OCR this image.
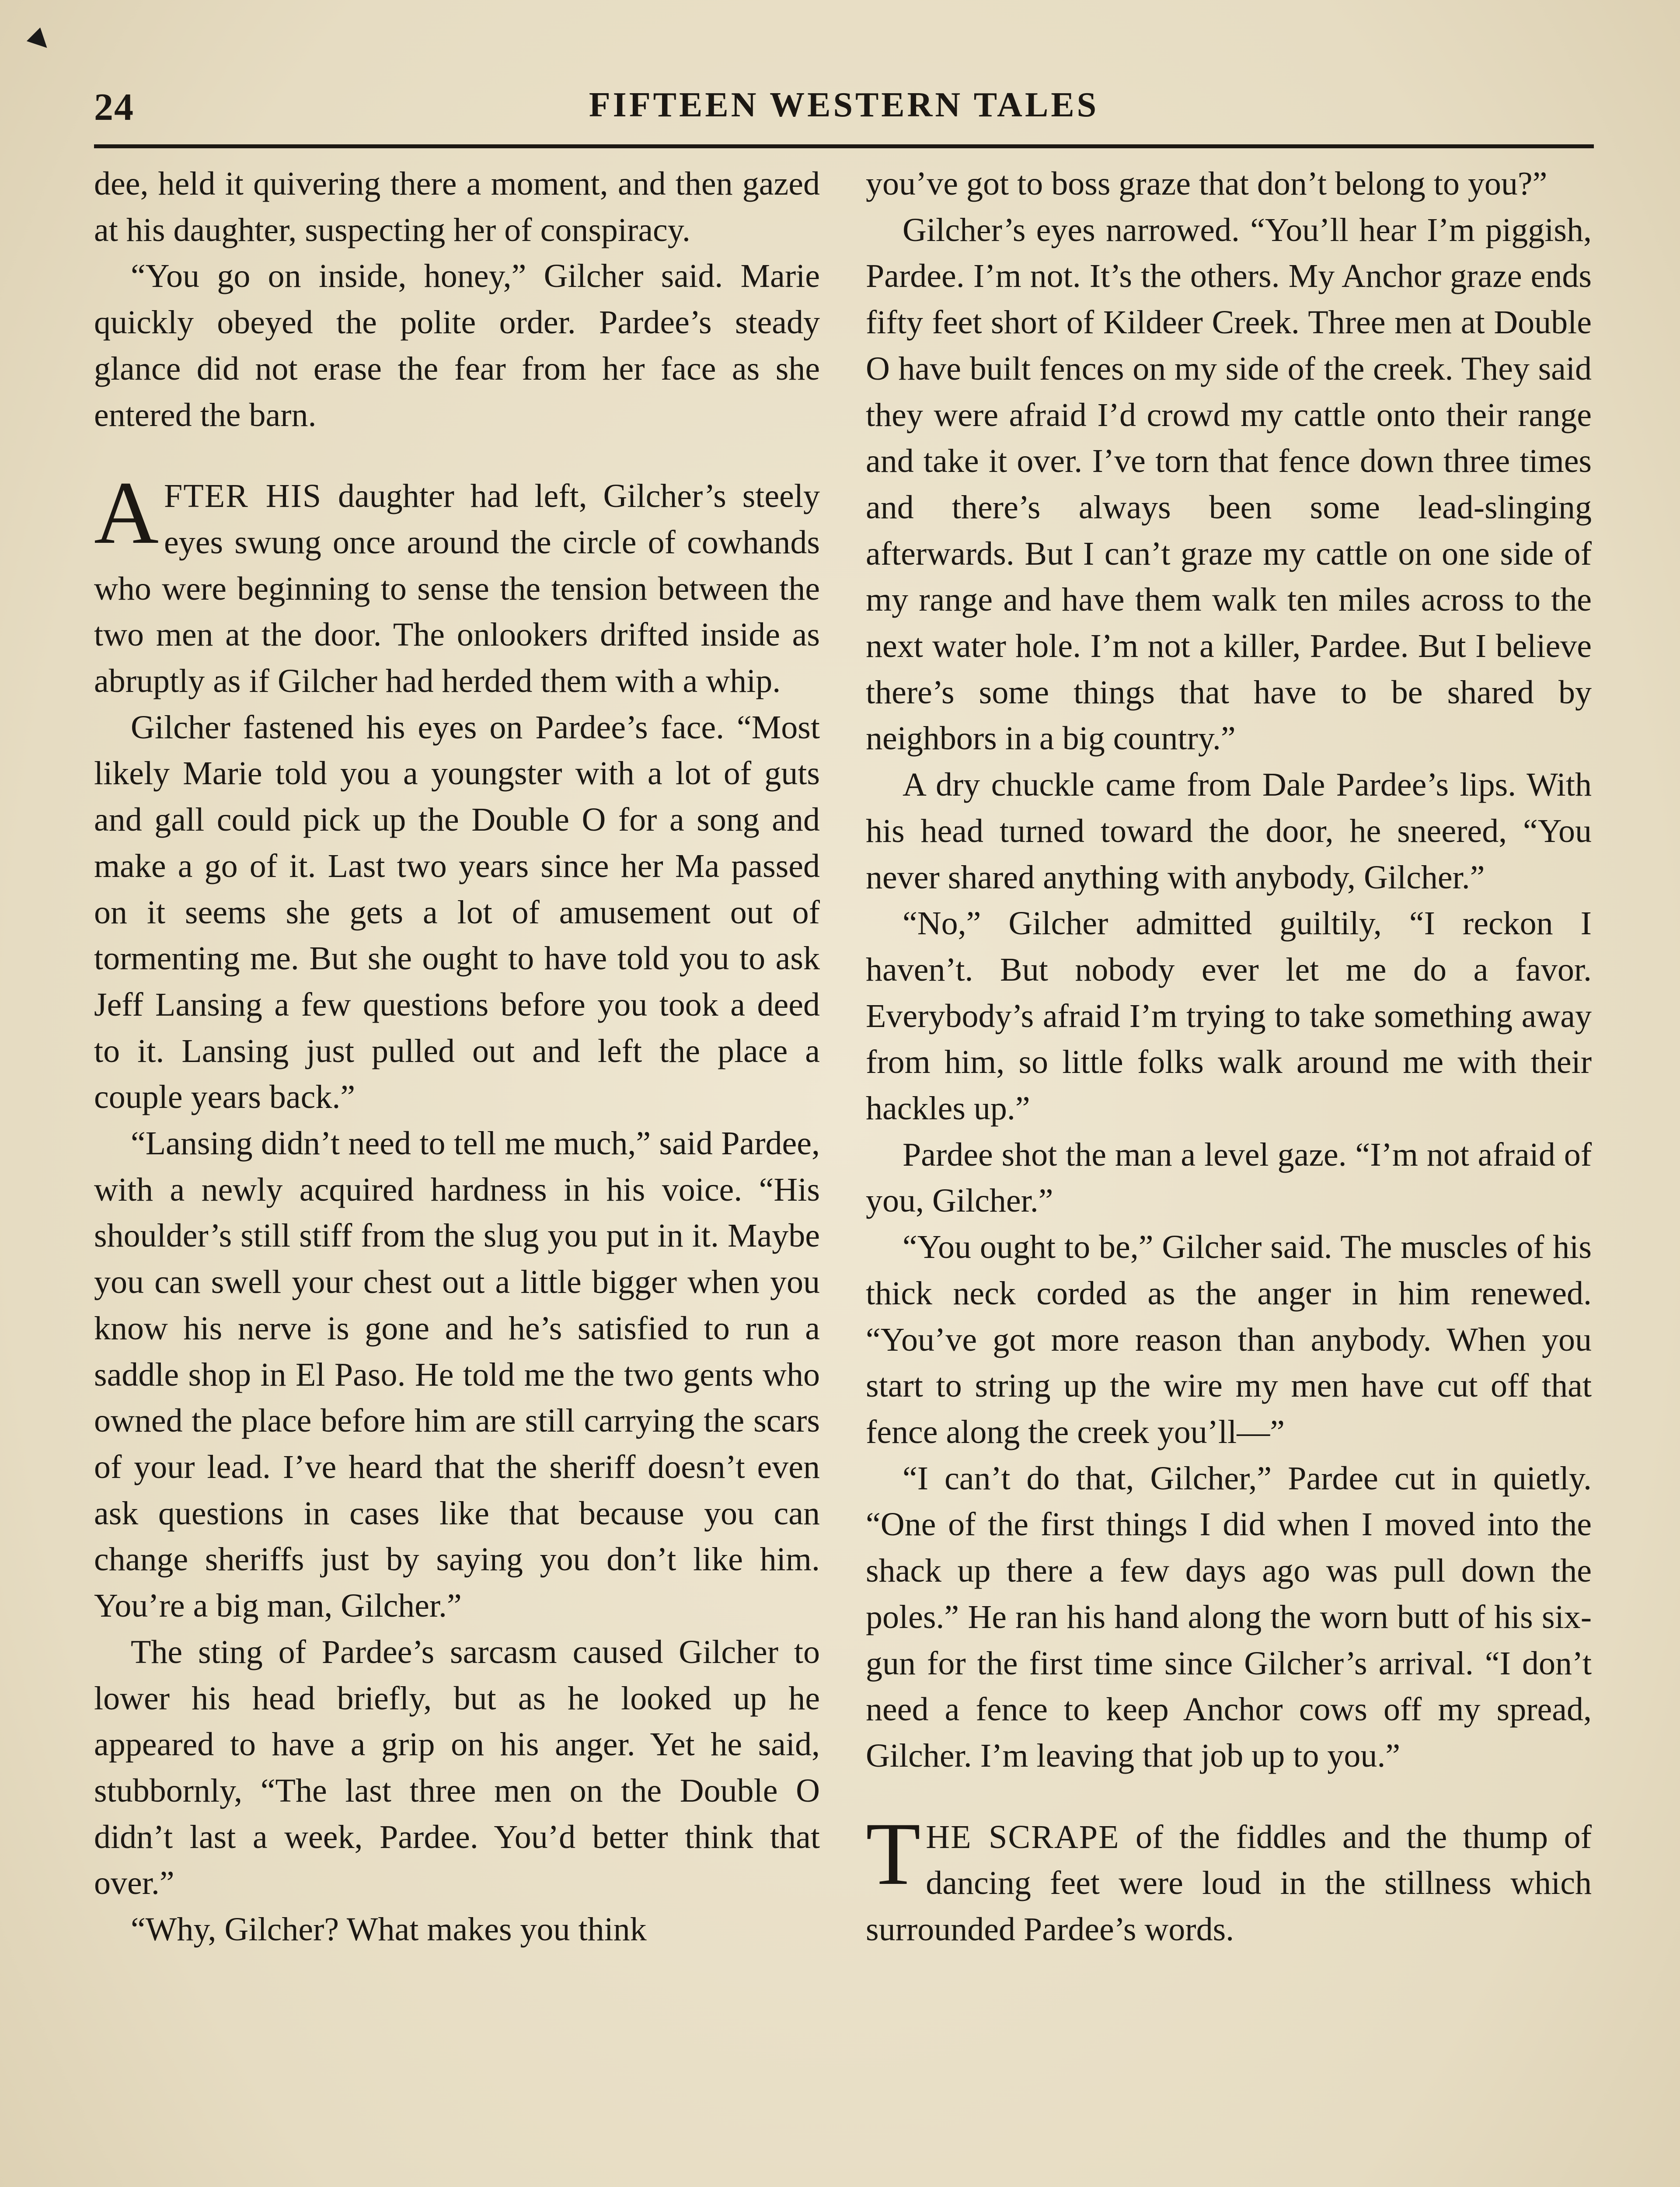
24	FIFTEEN WESTERN TALES

dee, held it quivering there a moment, and then gazed at his daughter, suspecting her of conspiracy.

“You go on inside, honey,” Gilcher said. Marie quickly obeyed the polite order. Pardee’s steady glance did not erase the fear from her face as she entered the barn.

AFTER HIS daughter had left, Gilcher’s steely eyes swung once around the circle of cowhands who were beginning to sense the tension between the two men at the door. The onlookers drifted inside as abruptly as if Gilcher had herded them with a whip.

Gilcher fastened his eyes on Pardee’s face. “Most likely Marie told you a youngster with a lot of guts and gall could pick up the Double O for a song and make a go of it. Last two years since her Ma passed on it seems she gets a lot of amusement out of tormenting me. But she ought to have told you to ask Jeff Lansing a few questions before you took a deed to it. Lansing just pulled out and left the place a couple years back.”

“Lansing didn’t need to tell me much,” said Pardee, with a newly acquired hardness in his voice. “His shoulder’s still stiff from the slug you put in it. Maybe you can swell your chest out a little bigger when you know his nerve is gone and he’s satisfied to run a saddle shop in El Paso. He told me the two gents who owned the place before him are still carrying the scars of your lead. I’ve heard that the sheriff doesn’t even ask questions in cases like that because you can change sheriffs just by saying you don’t like him. You’re a big man, Gilcher.”

The sting of Pardee’s sarcasm caused Gilcher to lower his head briefly, but as he looked up he appeared to have a grip on his anger. Yet he said, stubbornly, “The last three men on the Double O didn’t last a week, Pardee. You’d better think that over.”

“Why, Gilcher? What makes you think

you’ve got to boss graze that don’t belong to you?”

Gilcher’s eyes narrowed. “You’ll hear I’m piggish, Pardee. I’m not. It’s the others. My Anchor graze ends fifty feet short of Kildeer Creek. Three men at Double O have built fences on my side of the creek. They said they were afraid I’d crowd my cattle onto their range and take it over. I’ve torn that fence down three times and there’s always been some lead-slinging afterwards. But I can’t graze my cattle on one side of my range and have them walk ten miles across to the next water hole. I’m not a killer, Pardee. But I believe there’s some things that have to be shared by neighbors in a big country.”

A dry chuckle came from Dale Pardee’s lips. With his head turned toward the door, he sneered, “You never shared anything with anybody, Gilcher.”

“No,” Gilcher admitted guiltily, “I reckon I haven’t. But nobody ever let me do a favor. Everybody’s afraid I’m trying to take something away from him, so little folks walk around me with their hackles up.”

Pardee shot the man a level gaze. “I’m not afraid of you, Gilcher.”

“You ought to be,” Gilcher said. The muscles of his thick neck corded as the anger in him renewed. “You’ve got more reason than anybody. When you start to string up the wire my men have cut off that fence along the creek you’ll—”

“I can’t do that, Gilcher,” Pardee cut in quietly. “One of the first things I did when I moved into the shack up there a few days ago was pull down the poles.” He ran his hand along the worn butt of his six-gun for the first time since Gilcher’s arrival. “I don’t need a fence to keep Anchor cows off my spread, Gilcher. I’m leaving that job up to you.”

THE SCRAPE of the fiddles and the thump of dancing feet were loud in the stillness which surrounded Pardee’s words.
